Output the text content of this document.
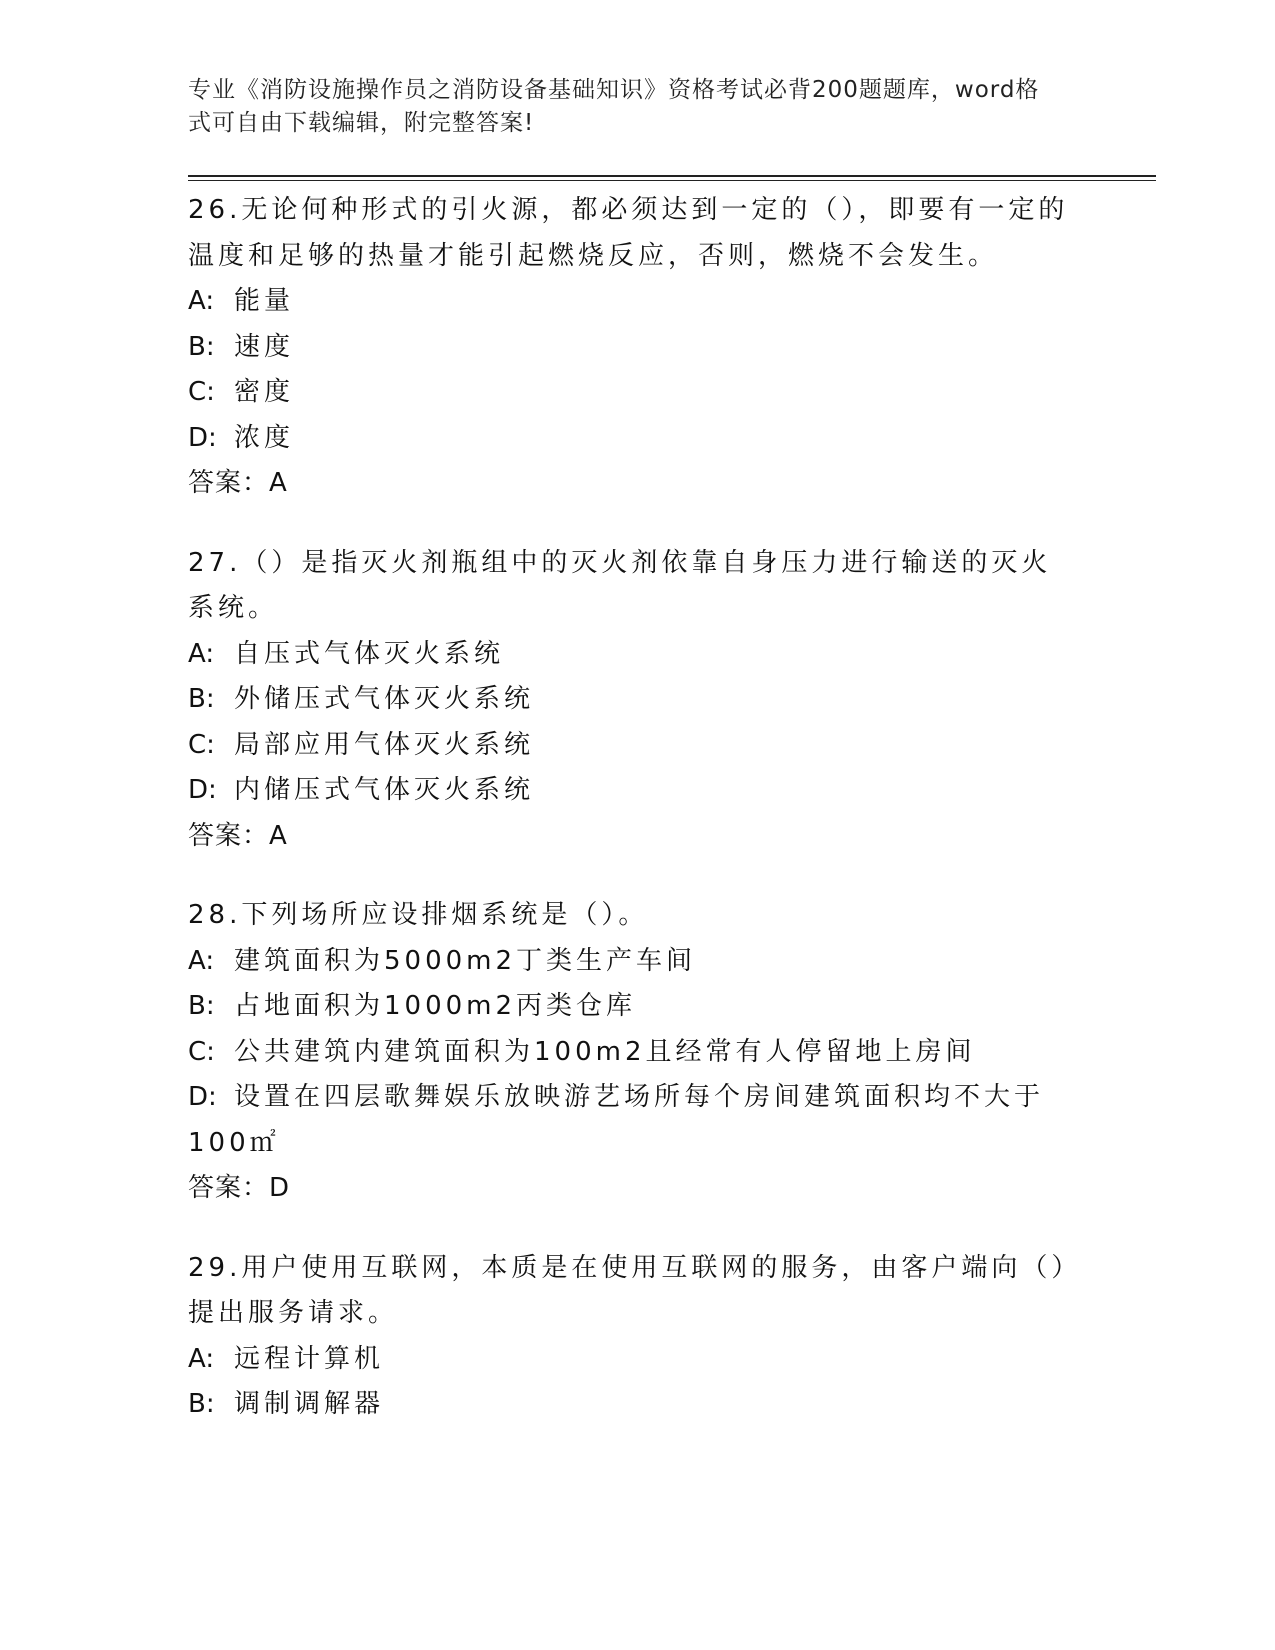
专业《消防设施操作员之消防设备基础知识》资格考试必背200题题库，word格
式可自由下载编辑，附完整答案!

26.无论何种形式的引火源，都必须达到一定的（），即要有一定的温度和足够的热量才能引起燃烧反应，否则，燃烧不会发生。

A: 能量

B: 速度

C: 密度

D: 浓度

答案：A

27.（）是指灭火剂瓶组中的灭火剂依靠自身压力进行输送的灭火系统。

A: 自压式气体灭火系统

B: 外储压式气体灭火系统

C: 局部应用气体灭火系统

D: 内储压式气体灭火系统

答案：A

28.下列场所应设排烟系统是（）。

A: 建筑面积为5000m2丁类生产车间

B: 占地面积为1000m2丙类仓库

C: 公共建筑内建筑面积为100m2且经常有人停留地上房间

D: 设置在四层歌舞娱乐放映游艺场所每个房间建筑面积均不大于100㎡

答案：D

29.用户使用互联网，本质是在使用互联网的服务，由客户端向（）提出服务请求。

A: 远程计算机

B: 调制调解器
